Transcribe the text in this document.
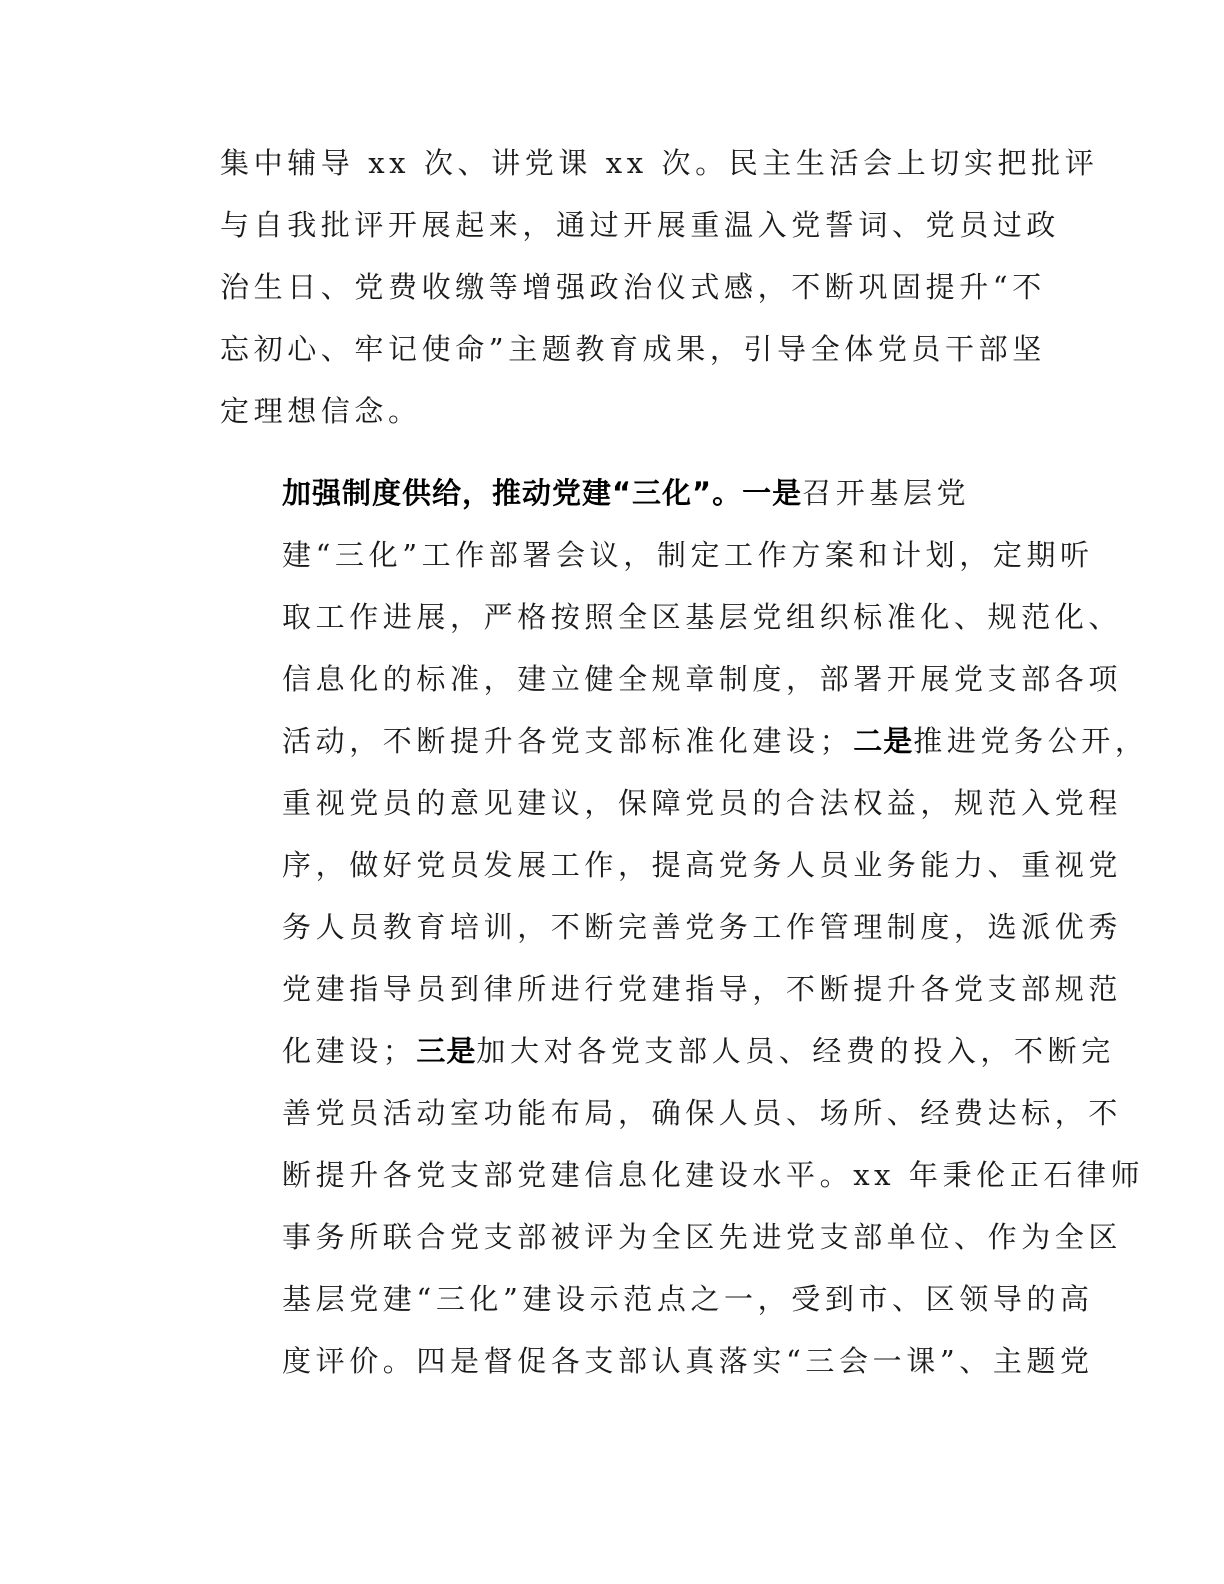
集中辅导 xx 次、讲党课 xx 次。民主生活会上切实把批评
与自我批评开展起来，通过开展重温入党誓词、党员过政
治生日、党费收缴等增强政治仪式感，不断巩固提升“不
忘初心、牢记使命”主题教育成果，引导全体党员干部坚
定理想信念。

加强制度供给，推动党建“三化”。一是召开基层党
建“三化”工作部署会议，制定工作方案和计划，定期听
取工作进展，严格按照全区基层党组织标准化、规范化、
信息化的标准，建立健全规章制度，部署开展党支部各项
活动，不断提升各党支部标准化建设；二是推进党务公开，
重视党员的意见建议，保障党员的合法权益，规范入党程
序，做好党员发展工作，提高党务人员业务能力、重视党
务人员教育培训，不断完善党务工作管理制度，选派优秀
党建指导员到律所进行党建指导，不断提升各党支部规范
化建设；三是加大对各党支部人员、经费的投入，不断完
善党员活动室功能布局，确保人员、场所、经费达标，不
断提升各党支部党建信息化建设水平。xx 年秉伦正石律师
事务所联合党支部被评为全区先进党支部单位、作为全区
基层党建“三化”建设示范点之一，受到市、区领导的高
度评价。四是督促各支部认真落实“三会一课”、主题党
